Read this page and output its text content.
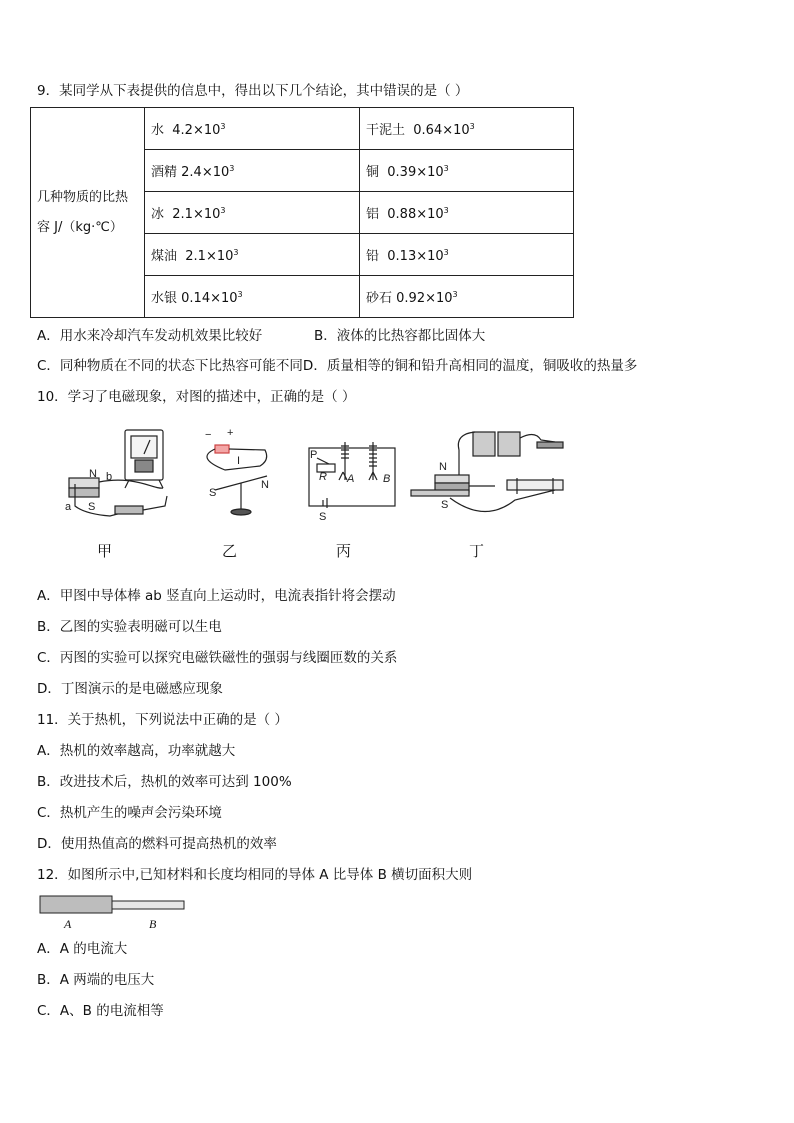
9．某同学从下表提供的信息中，得出以下几个结论，其中错误的是（ ）
几种物质的比热
容 J/（kg·℃）	水 $4.2\times 10^3$	干泥土 $0.64\times 10^3$
	酒精 $2.4\times 10^3$	铜 $0.39\times 10^3$
	冰 $2.1\times 10^3$	铝 $0.88\times 10^3$
	煤油 $2.1\times 10^3$	铅 $0.13\times 10^3$
	水银 $0.14\times 10^3$	砂石 $0.92\times 10^3$
A．用水来冷却汽车发动机效果比较好	B．液体的比热容都比固体大
C．同种物质在不同的状态下比热容可能不同D．质量相等的铜和铅升高相同的温度，铜吸收的热量多
10．学习了电磁现象，对图的描述中，正确的是（ ）
N b
a S
− +
I
S
N
P
R A	B
S
N
S
甲	乙	丙	丁
A．甲图中导体棒 ab 竖直向上运动时，电流表指针将会摆动
B．乙图的实验表明磁可以生电
C．丙图的实验可以探究电磁铁磁性的强弱与线圈匝数的关系
D．丁图演示的是电磁感应现象
11．关于热机，下列说法中正确的是（ ）
A．热机的效率越高，功率就越大
B．改进技术后，热机的效率可达到 100%
C．热机产生的噪声会污染环境
D．使用热值高的燃料可提高热机的效率
12．如图所示中,已知材料和长度均相同的导体 A 比导体 B 横切面积大则
A	B
A．A 的电流大
B．A 两端的电压大
C．A、B 的电流相等
